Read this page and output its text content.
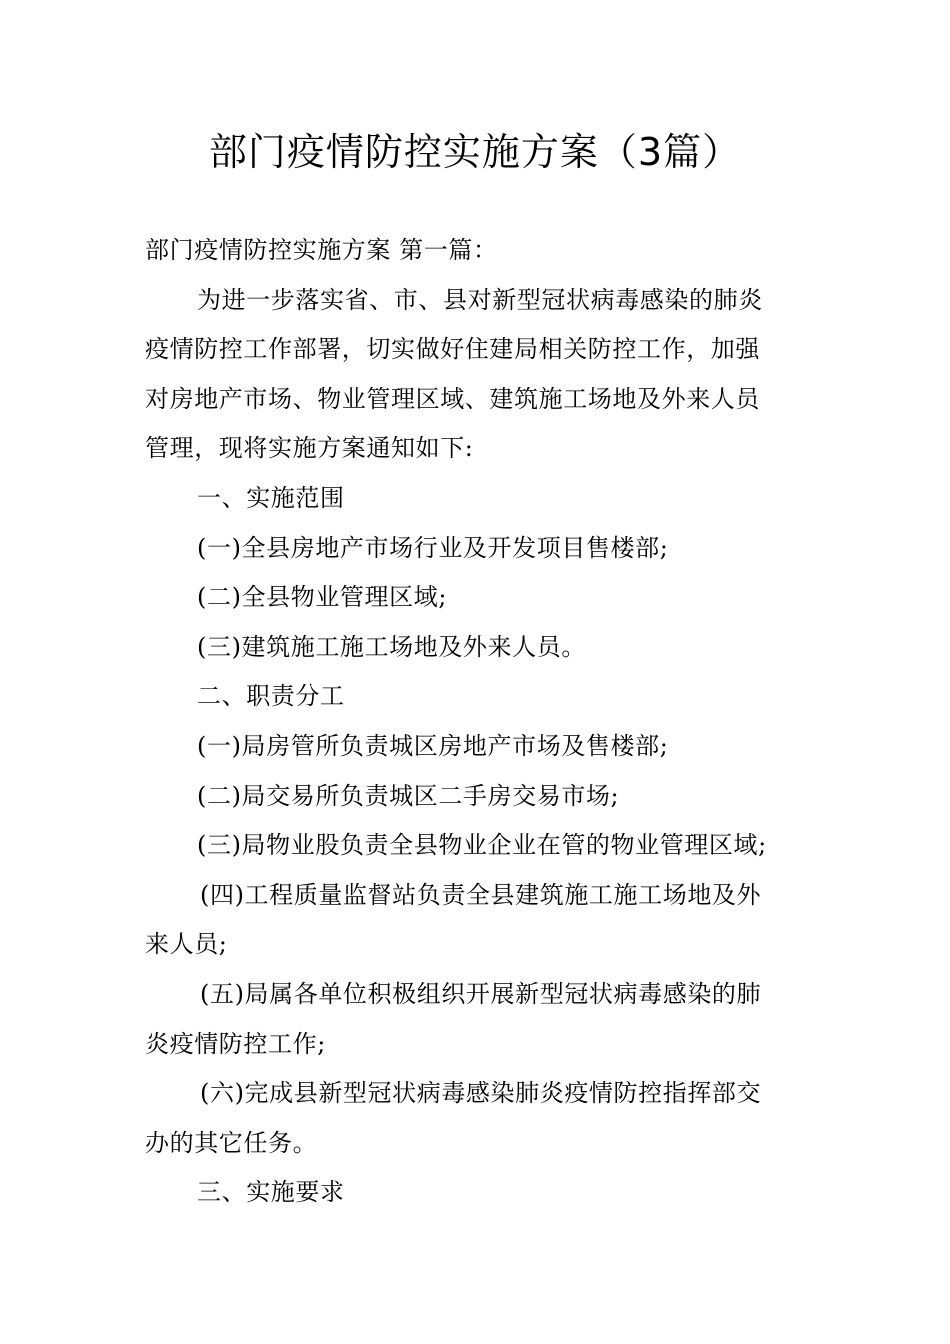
部门疫情防控实施方案（3篇）
部门疫情防控实施方案 第一篇：
为进一步落实省、市、县对新型冠状病毒感染的肺炎
疫情防控工作部署，切实做好住建局相关防控工作，加强
对房地产市场、物业管理区域、建筑施工场地及外来人员
管理，现将实施方案通知如下:
一、实施范围
(一)全县房地产市场行业及开发项目售楼部;
(二)全县物业管理区域;
(三)建筑施工施工场地及外来人员。
二、职责分工
(一)局房管所负责城区房地产市场及售楼部;
(二)局交易所负责城区二手房交易市场;
(三)局物业股负责全县物业企业在管的物业管理区域;
(四)工程质量监督站负责全县建筑施工施工场地及外
来人员;
(五)局属各单位积极组织开展新型冠状病毒感染的肺
炎疫情防控工作;
(六)完成县新型冠状病毒感染肺炎疫情防控指挥部交
办的其它任务。
三、实施要求
